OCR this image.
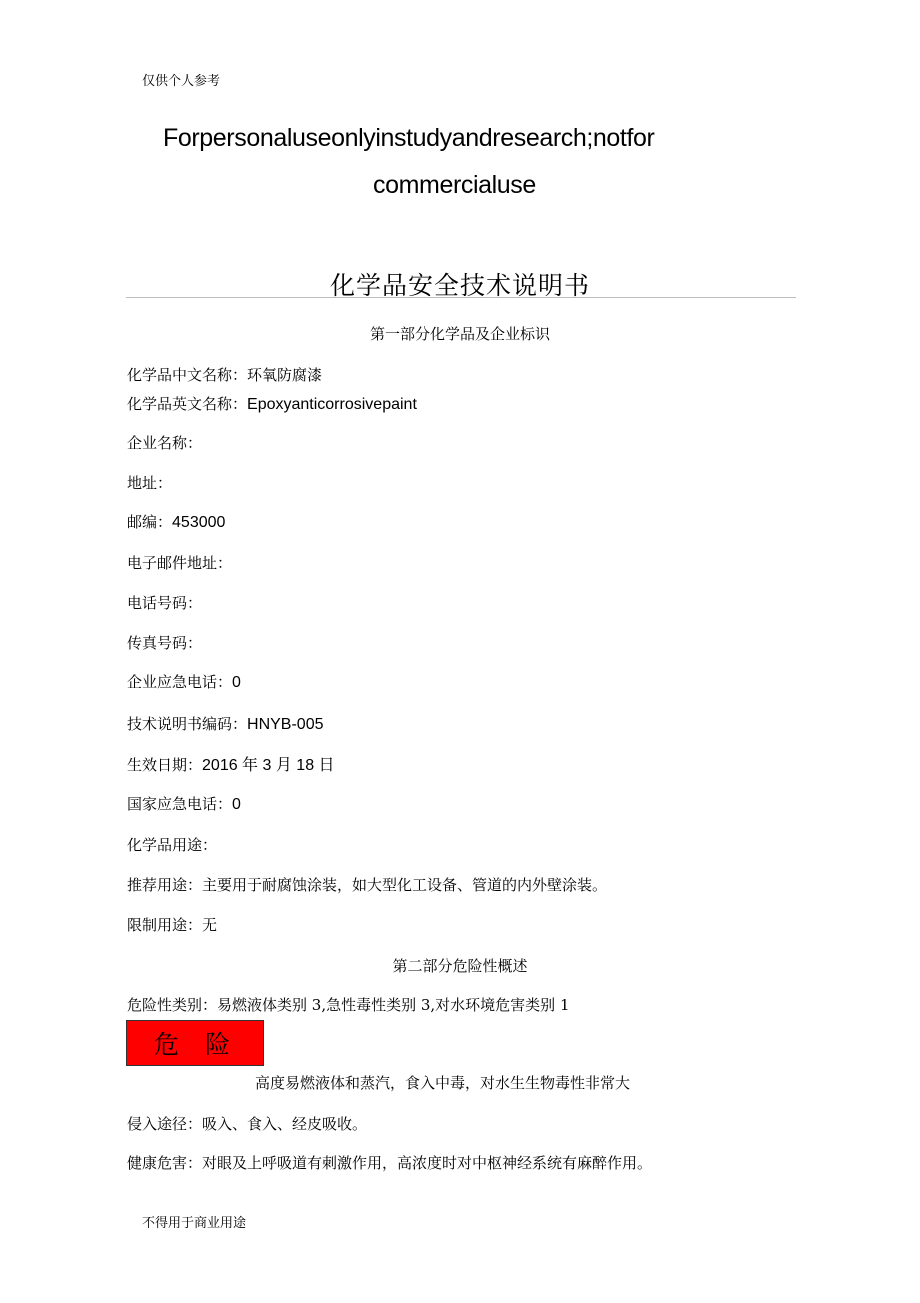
仅供个人参考
Forpersonaluseonlyinstudyandresearch;notfor
commercialuse
化学品安全技术说明书
第一部分化学品及企业标识
化学品中文名称：环氧防腐漆
化学品英文名称：Epoxyanticorrosivepaint
企业名称：
地址：
邮编：453000
电子邮件地址：
电话号码：
传真号码：
企业应急电话：0
技术说明书编码：HNYB-005
生效日期：2016 年 3 月 18 日
国家应急电话：0
化学品用途：
推荐用途：主要用于耐腐蚀涂装，如大型化工设备、管道的内外壁涂装。
限制用途：无
第二部分危险性概述
危险性类别：易燃液体类别 3,急性毒性类别 3,对水环境危害类别 1
危险
高度易燃液体和蒸汽，食入中毒，对水生生物毒性非常大
侵入途径：吸入、食入、经皮吸收。
健康危害：对眼及上呼吸道有刺激作用，高浓度时对中枢神经系统有麻醉作用。
不得用于商业用途
